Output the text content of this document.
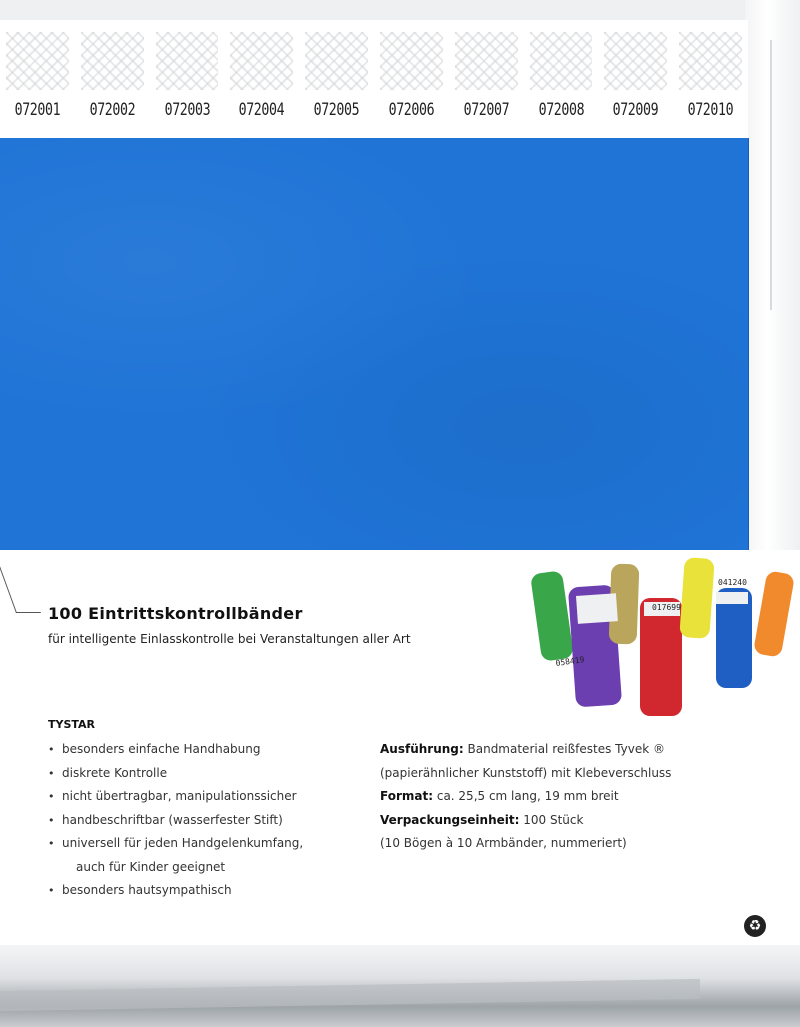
072001	072002	072003	072004	072005	072006	072007	072008	072009	072010
100 Eintrittskontrollbänder
für intelligente Einlasskontrolle bei Veranstaltungen aller Art
TYSTAR
• besonders einfache Handhabung
• diskrete Kontrolle
• nicht übertragbar, manipulationssicher
• handbeschriftbar (wasserfester Stift)
• universell für jeden Handgelenkumfang,
auch für Kinder geeignet
• besonders hautsympathisch
Ausführung: Bandmaterial reißfestes Tyvek ®
(papierähnlicher Kunststoff) mit Klebeverschluss
Format: ca. 25,5 cm lang, 19 mm breit
Verpackungseinheit: 100 Stück
(10 Bögen à 10 Armbänder, nummeriert)
058419
017699
041240
♻
